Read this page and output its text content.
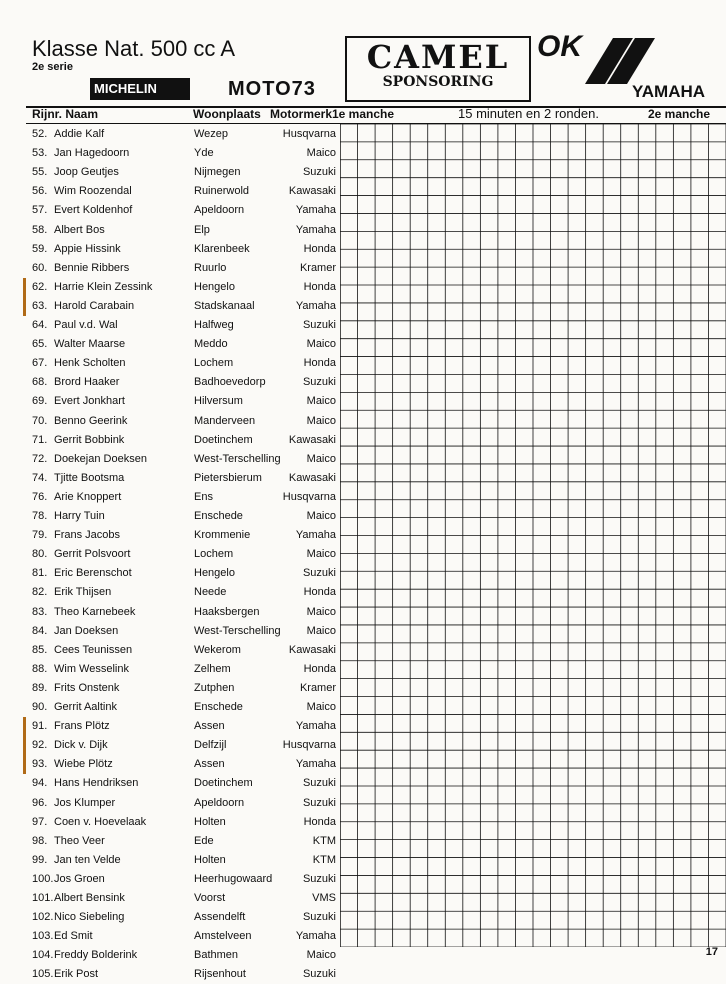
Klasse Nat. 500 cc A
2e serie
MICHELIN	MOTO73
CAMEL
SPONSORING
OK
YAMAHA
Rijnr. Naam	Woonplaats Motormerk 1e manche	15 minuten en 2 ronden.	2e manche
52. Addie Kalf	Wezep	Husqvarna
53. Jan Hagedoorn	Yde	Maico
55. Joop Geutjes	Nijmegen	Suzuki
56. Wim Roozendal	Ruinerwold	Kawasaki
57. Evert Koldenhof	Apeldoorn	Yamaha
58. Albert Bos	Elp	Yamaha
59. Appie Hissink	Klarenbeek	Honda
60. Bennie Ribbers	Ruurlo	Kramer
62. Harrie Klein Zessink	Hengelo	Honda
63. Harold Carabain	Stadskanaal	Yamaha
64. Paul v.d. Wal	Halfweg	Suzuki
65. Walter Maarse	Meddo	Maico
67. Henk Scholten	Lochem	Honda
68. Brord Haaker	Badhoevedorp	Suzuki
69. Evert Jonkhart	Hilversum	Maico
70. Benno Geerink	Manderveen	Maico
71. Gerrit Bobbink	Doetinchem	Kawasaki
72. Doekejan Doeksen	West-Terschelling Maico
74. Tjitte Bootsma	Pietersbierum Kawasaki
76. Arie Knoppert	Ens	Husqvarna
78. Harry Tuin	Enschede	Maico
79. Frans Jacobs	Krommenie	Yamaha
80. Gerrit Polsvoort	Lochem	Maico
81. Eric Berenschot	Hengelo	Suzuki
82. Erik Thijsen	Neede	Honda
83. Theo Karnebeek	Haaksbergen	Maico
84. Jan Doeksen	West-Terschelling Maico
85. Cees Teunissen	Wekerom	Kawasaki
88. Wim Wesselink	Zelhem	Honda
89. Frits Onstenk	Zutphen	Kramer
90. Gerrit Aaltink	Enschede	Maico
91. Frans Plötz	Assen	Yamaha
92. Dick v. Dijk	Delfzijl	Husqvarna
93. Wiebe Plötz	Assen	Yamaha
94. Hans Hendriksen	Doetinchem	Suzuki
96. Jos Klumper	Apeldoorn	Suzuki
97. Coen v. Hoevelaak	Holten	Honda
98. Theo Veer	Ede	KTM
99. Jan ten Velde	Holten	KTM
100. Jos Groen	Heerhugowaard	Suzuki
101. Albert Bensink	Voorst	VMS
102. Nico Siebeling	Assendelft	Suzuki
103. Ed Smit	Amstelveen	Yamaha
104. Freddy Bolderink	Bathmen	Maico
105. Erik Post	Rijsenhout	Suzuki
17
